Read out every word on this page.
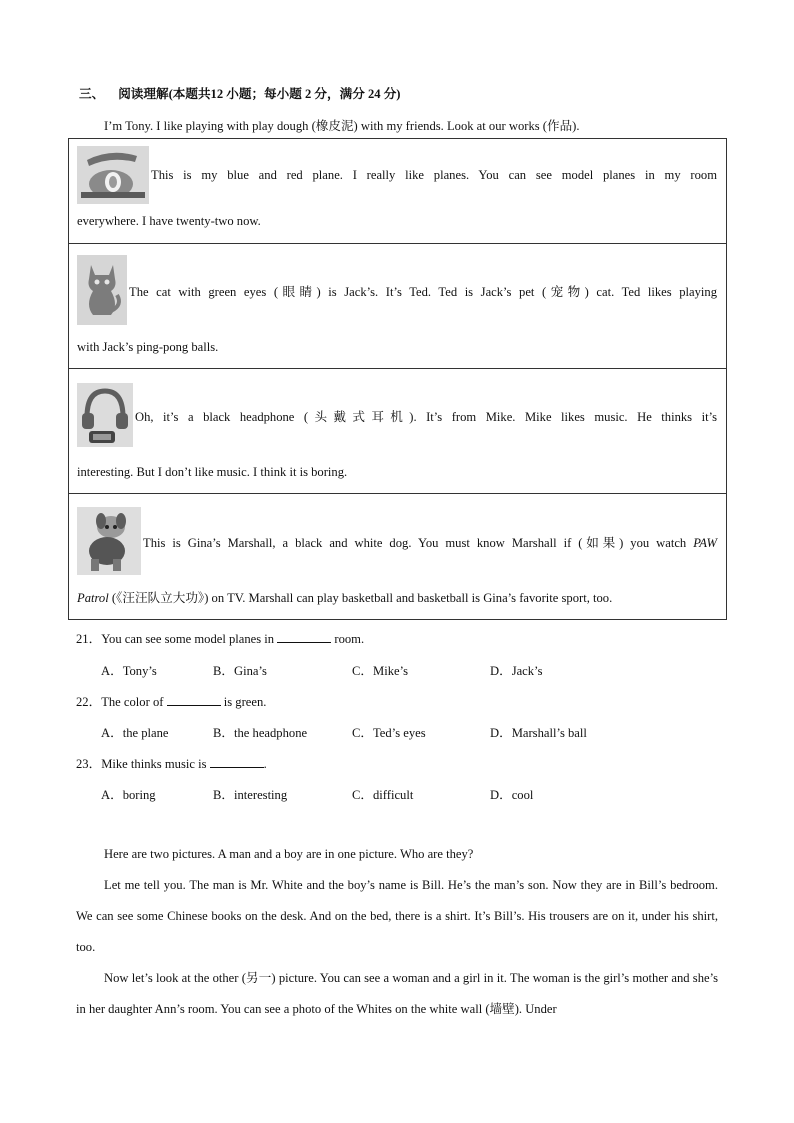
三、 阅读理解(本题共12 小题；每小题 2 分，满分 24 分)
I’m Tony. I like playing with play dough (橡皮泥) with my friends. Look at our works (作品).
This is my blue and red plane. I really like planes. You can see model planes in my room
everywhere. I have twenty-two now.

The cat with green eyes (眼睛) is Jack’s. It’s Ted. Ted is Jack’s pet (宠物) cat. Ted likes playing
with Jack’s ping-pong balls.

Oh, it’s a black headphone (头戴式耳机). It’s from Mike. Mike likes music. He thinks it’s
interesting. But I don’t like music. I think it is boring.

This is Gina’s Marshall, a black and white dog. You must know Marshall if (如果) you watch PAW
Patrol (《汪汪队立大功》) on TV. Marshall can play basketball and basketball is Gina’s favorite sport, too.
21．You can see some model planes in	room.
A．Tony’s	B．Gina’s	C．Mike’s	D．Jack’s
22．The color of	is green.
A．the plane	B．the headphone	C．Ted’s eyes	D．Marshall’s ball
23．Mike thinks music is	.
A．boring	B．interesting	C．difficult	D．cool
Here are two pictures. A man and a boy are in one picture. Who are they?
Let me tell you. The man is Mr. White and the boy’s name is Bill. He’s the man’s son. Now they are in Bill’s bedroom. We can see some Chinese books on the desk. And on the bed, there is a shirt. It’s Bill’s. His trousers are on it, under his shirt, too.
Now let’s look at the other (另一) picture. You can see a woman and a girl in it. The woman is the girl’s mother and she’s in her daughter Ann’s room. You can see a photo of the Whites on the white wall (墙壁). Under
